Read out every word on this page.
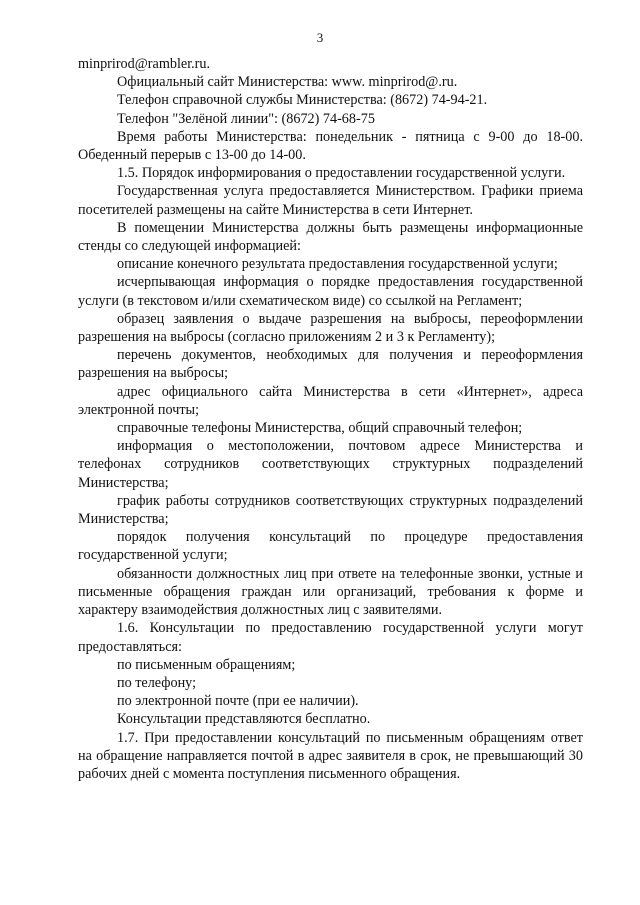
3

minprirod@rambler.ru.

Официальный сайт Министерства: www. minprirod@.ru.

Телефон справочной службы Министерства: (8672) 74-94-21.

Телефон "Зелёной линии": (8672) 74-68-75

Время работы Министерства: понедельник - пятница с 9-00 до 18-00. Обеденный перерыв с 13-00 до 14-00.

1.5. Порядок информирования о предоставлении государственной услуги.

Государственная услуга предоставляется Министерством. Графики приема посетителей размещены на сайте Министерства в сети Интернет.

В помещении Министерства должны быть размещены информационные стенды со следующей информацией:

описание конечного результата предоставления государственной услуги;

исчерпывающая информация о порядке предоставления государственной услуги (в текстовом и/или схематическом виде) со ссылкой на Регламент;

образец заявления о выдаче разрешения на выбросы, переоформлении разрешения на выбросы (согласно приложениям 2 и 3 к Регламенту);

перечень документов, необходимых для получения и переоформления разрешения на выбросы;

адрес официального сайта Министерства в сети «Интернет», адреса электронной почты;

справочные телефоны Министерства, общий справочный телефон;

информация о местоположении, почтовом адресе Министерства и телефонах сотрудников соответствующих структурных подразделений Министерства;

график работы сотрудников соответствующих структурных подразделений Министерства;

порядок получения консультаций по процедуре предоставления государственной услуги;

обязанности должностных лиц при ответе на телефонные звонки, устные и письменные обращения граждан или организаций, требования к форме и характеру взаимодействия должностных лиц с заявителями.

1.6. Консультации по предоставлению государственной услуги могут предоставляться:

по письменным обращениям;

по телефону;

по электронной почте (при ее наличии).

Консультации представляются бесплатно.

1.7. При предоставлении консультаций по письменным обращениям ответ на обращение направляется почтой в адрес заявителя в срок, не превышающий 30 рабочих дней с момента поступления письменного обращения.
